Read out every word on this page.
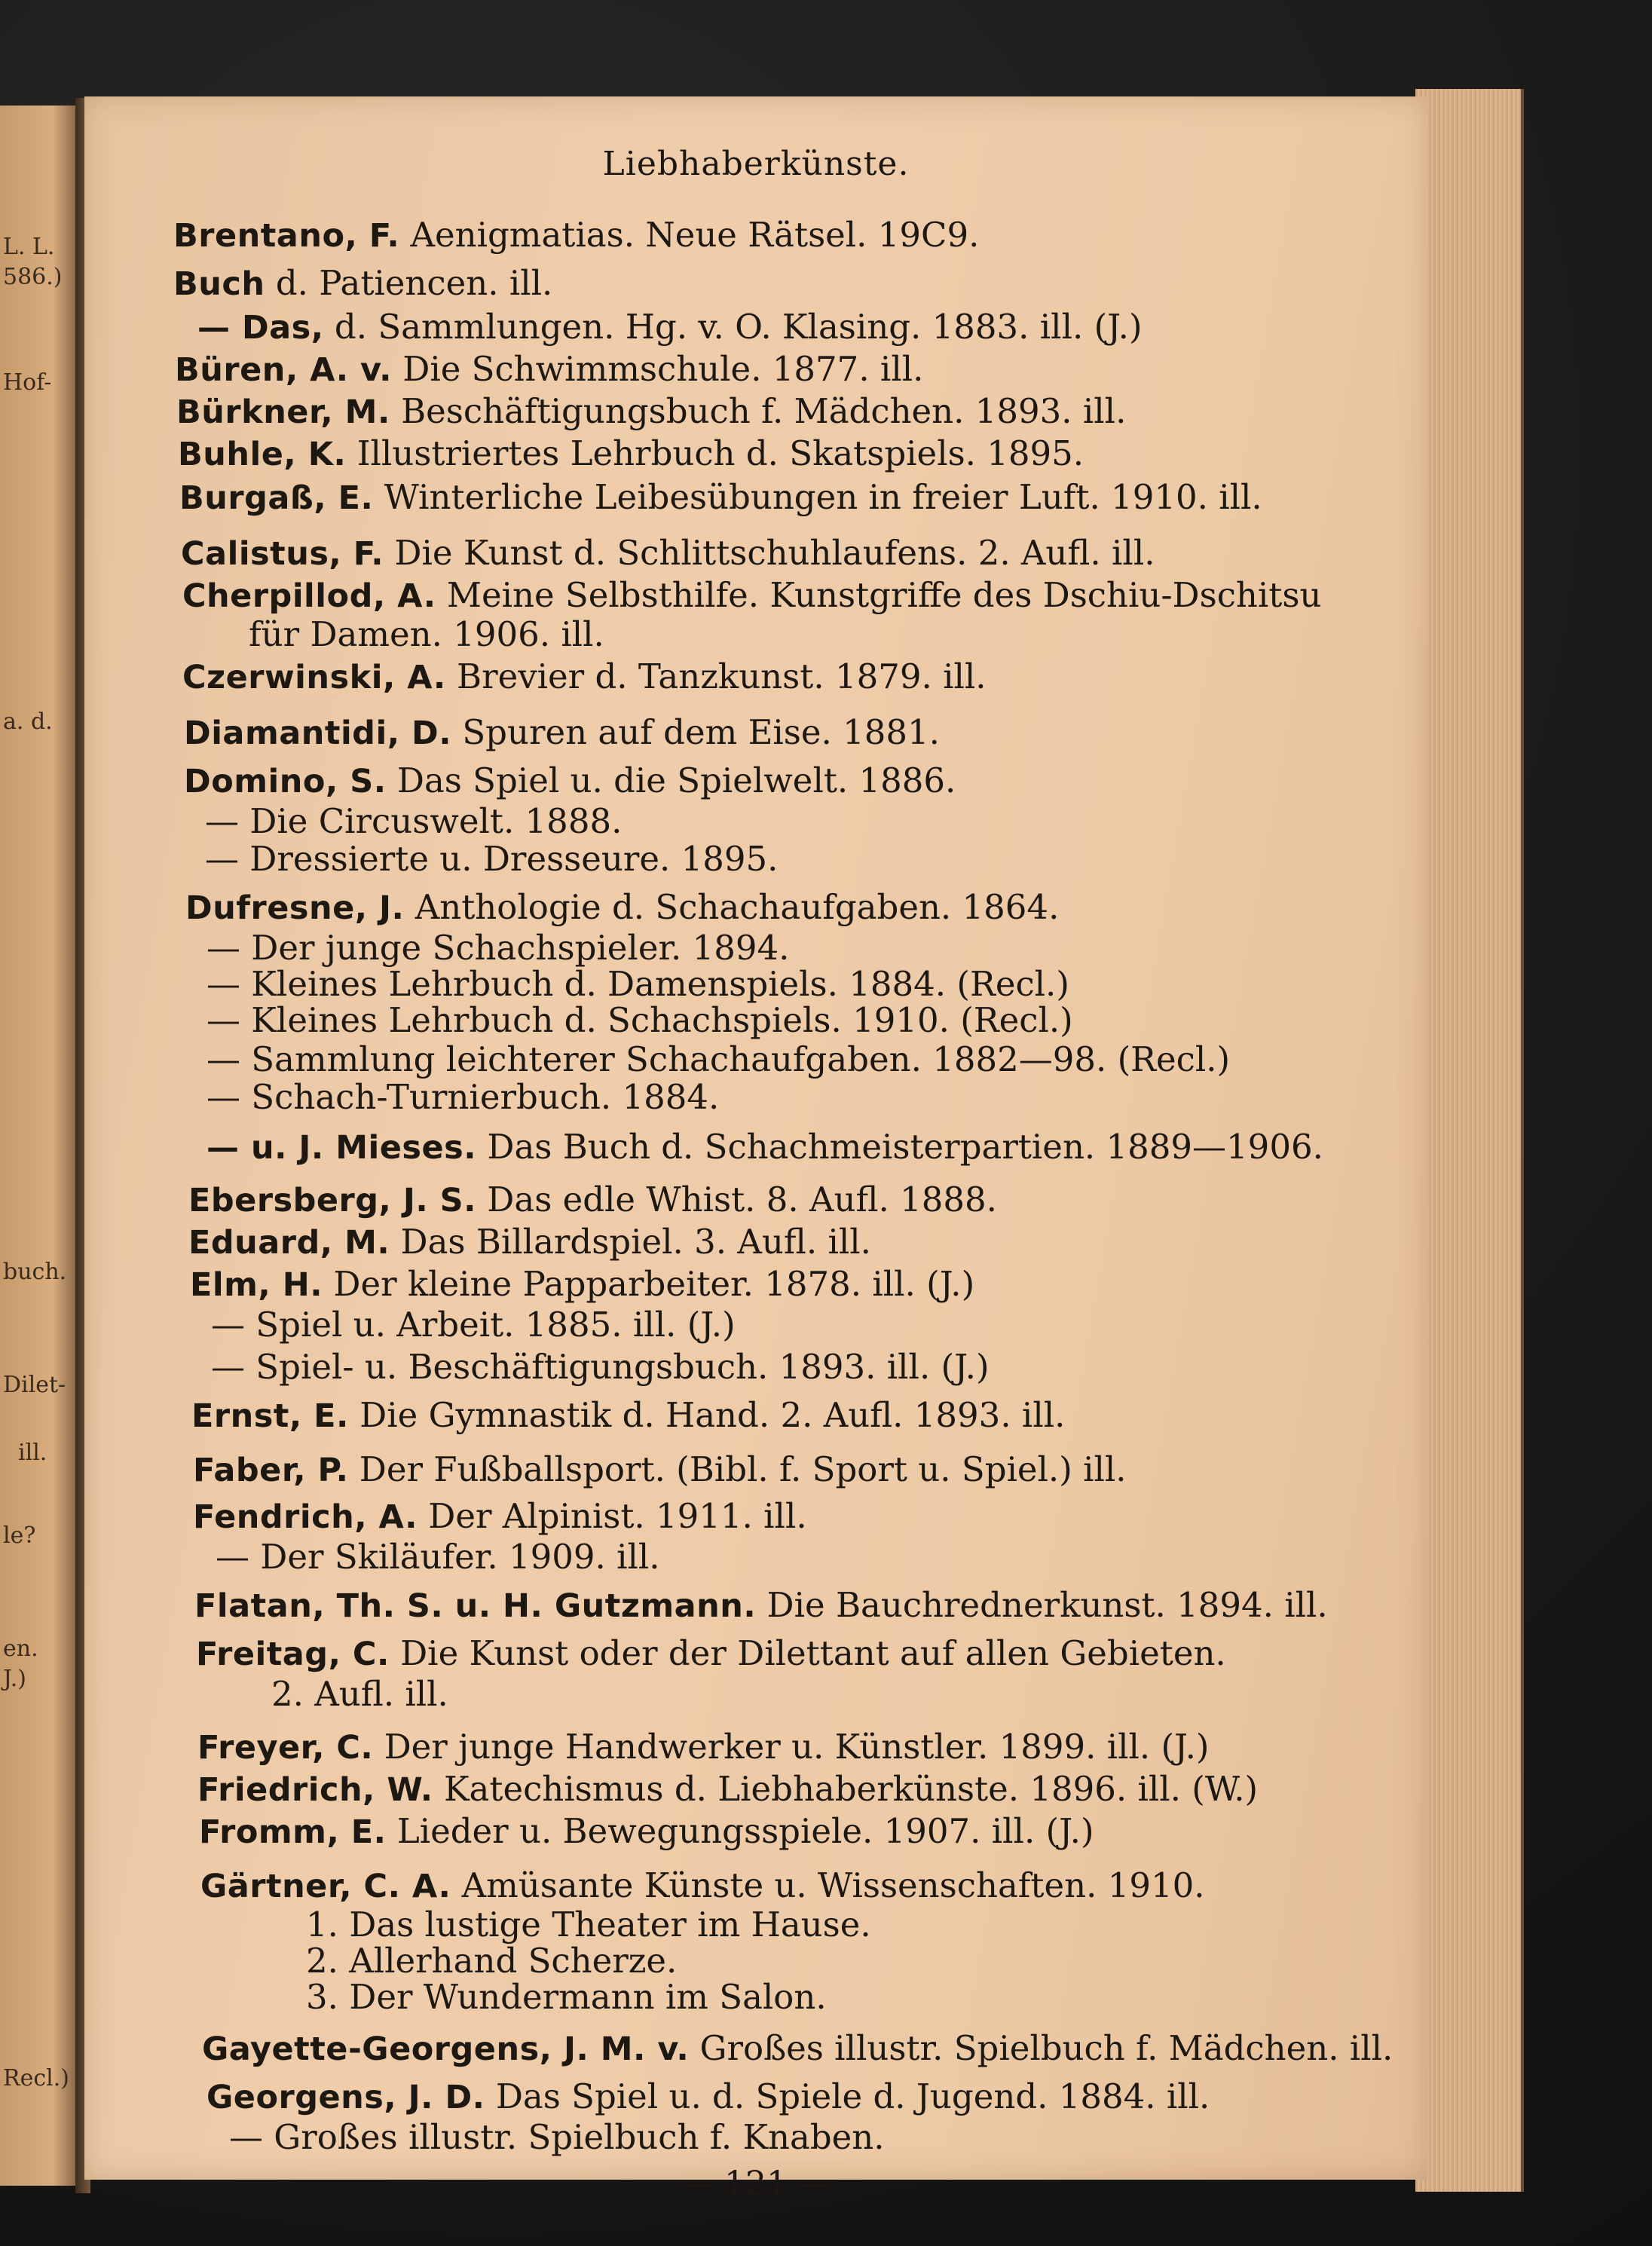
L. L.
586.)
Hof-
a. d.
buch.
Dilet-
ill.
le?
en.
J.)
Recl.)
Liebhaberkünste.
Brentano, F. Aenigmatias. Neue Rätsel. 19C9.
Buch d. Patiencen. ill.
— Das, d. Sammlungen. Hg. v. O. Klasing. 1883. ill. (J.)
Büren, A. v. Die Schwimmschule. 1877. ill.
Bürkner, M. Beschäftigungsbuch f. Mädchen. 1893. ill.
Buhle, K. Illustriertes Lehrbuch d. Skatspiels. 1895.
Burgaß, E. Winterliche Leibesübungen in freier Luft. 1910. ill.
Calistus, F. Die Kunst d. Schlittschuhlaufens. 2. Aufl. ill.
Cherpillod, A. Meine Selbsthilfe. Kunstgriffe des Dschiu-Dschitsu
für Damen. 1906. ill.
Czerwinski, A. Brevier d. Tanzkunst. 1879. ill.
Diamantidi, D. Spuren auf dem Eise. 1881.
Domino, S. Das Spiel u. die Spielwelt. 1886.
— Die Circuswelt. 1888.
— Dressierte u. Dresseure. 1895.
Dufresne, J. Anthologie d. Schachaufgaben. 1864.
— Der junge Schachspieler. 1894.
— Kleines Lehrbuch d. Damenspiels. 1884. (Recl.)
— Kleines Lehrbuch d. Schachspiels. 1910. (Recl.)
— Sammlung leichterer Schachaufgaben. 1882—98. (Recl.)
— Schach-Turnierbuch. 1884.
— u. J. Mieses. Das Buch d. Schachmeisterpartien. 1889—1906.
Ebersberg, J. S. Das edle Whist. 8. Aufl. 1888.
Eduard, M. Das Billardspiel. 3. Aufl. ill.
Elm, H. Der kleine Papparbeiter. 1878. ill. (J.)
— Spiel u. Arbeit. 1885. ill. (J.)
— Spiel- u. Beschäftigungsbuch. 1893. ill. (J.)
Ernst, E. Die Gymnastik d. Hand. 2. Aufl. 1893. ill.
Faber, P. Der Fußballsport. (Bibl. f. Sport u. Spiel.) ill.
Fendrich, A. Der Alpinist. 1911. ill.
— Der Skiläufer. 1909. ill.
Flatan, Th. S. u. H. Gutzmann. Die Bauchrednerkunst. 1894. ill.
Freitag, C. Die Kunst oder der Dilettant auf allen Gebieten.
2. Aufl. ill.
Freyer, C. Der junge Handwerker u. Künstler. 1899. ill. (J.)
Friedrich, W. Katechismus d. Liebhaberkünste. 1896. ill. (W.)
Fromm, E. Lieder u. Bewegungsspiele. 1907. ill. (J.)
Gärtner, C. A. Amüsante Künste u. Wissenschaften. 1910.
1. Das lustige Theater im Hause.
2. Allerhand Scherze.
3. Der Wundermann im Salon.
Gayette-Georgens, J. M. v. Großes illustr. Spielbuch f. Mädchen. ill.
Georgens, J. D. Das Spiel u. d. Spiele d. Jugend. 1884. ill.
— Großes illustr. Spielbuch f. Knaben.
— 121 —
